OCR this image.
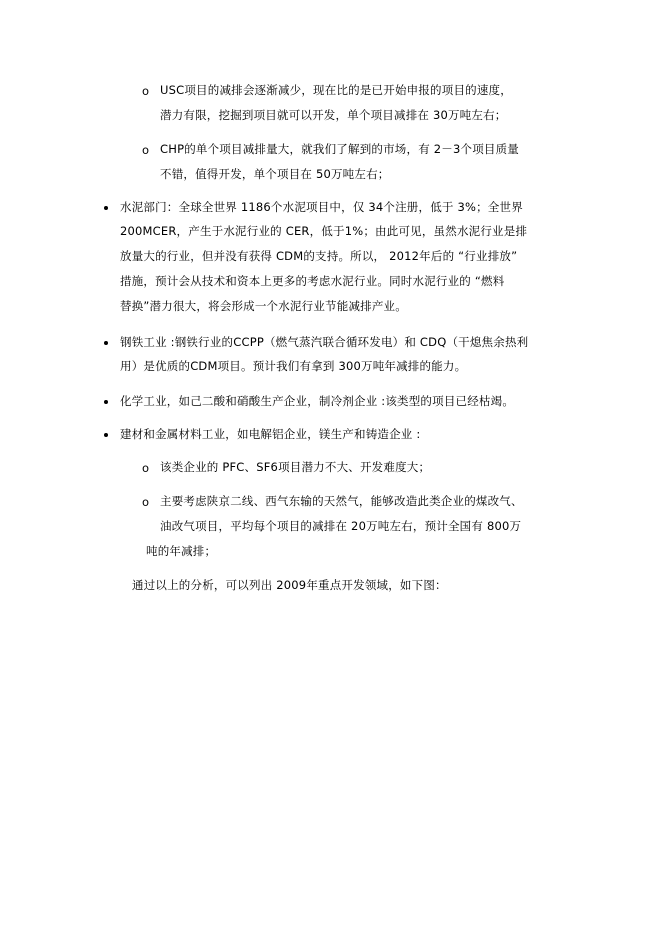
o USC项目的减排会逐渐减少，现在比的是已开始申报的项目的速度，
潜力有限，挖掘到项目就可以开发，单个项目减排在 30万吨左右；
o CHP的单个项目减排量大，就我们了解到的市场，有 2－3个项目质量
不错，值得开发，单个项目在 50万吨左右；
水泥部门：全球全世界 1186个水泥项目中，仅 34个注册，低于 3%；全世界
200MCER，产生于水泥行业的 CER，低于1%；由此可见，虽然水泥行业是排
放量大的行业，但并没有获得 CDM的支持。所以， 2012年后的 “行业排放”
措施，预计会从技术和资本上更多的考虑水泥行业。同时水泥行业的 “燃料
替换”潜力很大，将会形成一个水泥行业节能减排产业。
钢铁工业 :钢铁行业的CCPP（燃气蒸汽联合循环发电）和 CDQ（干熄焦余热利
用）是优质的CDM项目。预计我们有拿到 300万吨年减排的能力。
化学工业，如己二酸和硝酸生产企业，制冷剂企业 :该类型的项目已经枯竭。
建材和金属材料工业，如电解铝企业，镁生产和铸造企业 :
o 该类企业的 PFC、SF6项目潜力不大、开发难度大；
o 主要考虑陕京二线、西气东输的天然气，能够改造此类企业的煤改气、
油改气项目，平均每个项目的减排在 20万吨左右，预计全国有 800万
吨的年减排；
通过以上的分析，可以列出 2009年重点开发领域，如下图：
